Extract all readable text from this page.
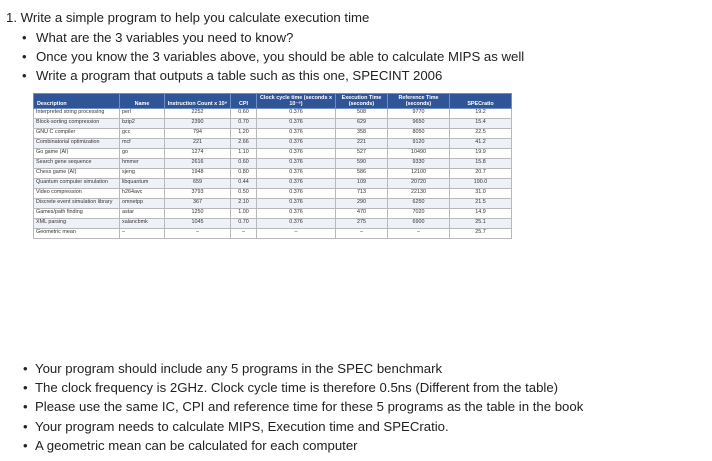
1. Write a simple program to help you calculate execution time
• What are the 3 variables you need to know?
• Once you know the 3 variables above, you should be able to calculate MIPS as well
• Write a program that outputs a table such as this one, SPECINT 2006
Description	Name	Instruction Count x 10⁹	CPI	Clock cycle time (seconds x 10⁻⁹)	Execution Time (seconds)	Reference Time (seconds)	SPECratio
Interpreted string processing	perl	2252	0.60	0.376	508	9770	19.2
Block-sorting compression	bzip2	2390	0.70	0.376	629	9650	15.4
GNU C compiler	gcc	794	1.20	0.376	358	8050	22.5
Combinatorial optimization	mcf	221	2.66	0.376	221	9120	41.2
Go game (AI)	go	1274	1.10	0.376	527	10490	19.9
Search gene sequence	hmmer	2616	0.60	0.376	590	9330	15.8
Chess game (AI)	sjeng	1948	0.80	0.376	586	12100	20.7
Quantum computer simulation	libquantum	659	0.44	0.376	109	20720	190.0
Video compression	h264avc	3793	0.50	0.376	713	22130	31.0
Discrete event simulation library	omnetpp	367	2.10	0.376	290	6250	21.5
Games/path finding	astar	1250	1.00	0.376	470	7020	14.9
XML parsing	xalancbmk	1045	0.70	0.376	275	6900	25.1
Geometric mean	–	–	–	–	–	–	25.7
• Your program should include any 5 programs in the SPEC benchmark
• The clock frequency is 2GHz. Clock cycle time is therefore 0.5ns (Different from the table)
• Please use the same IC, CPI and reference time for these 5 programs as the table in the book
• Your program needs to calculate MIPS, Execution time and SPECratio.
• A geometric mean can be calculated for each computer
